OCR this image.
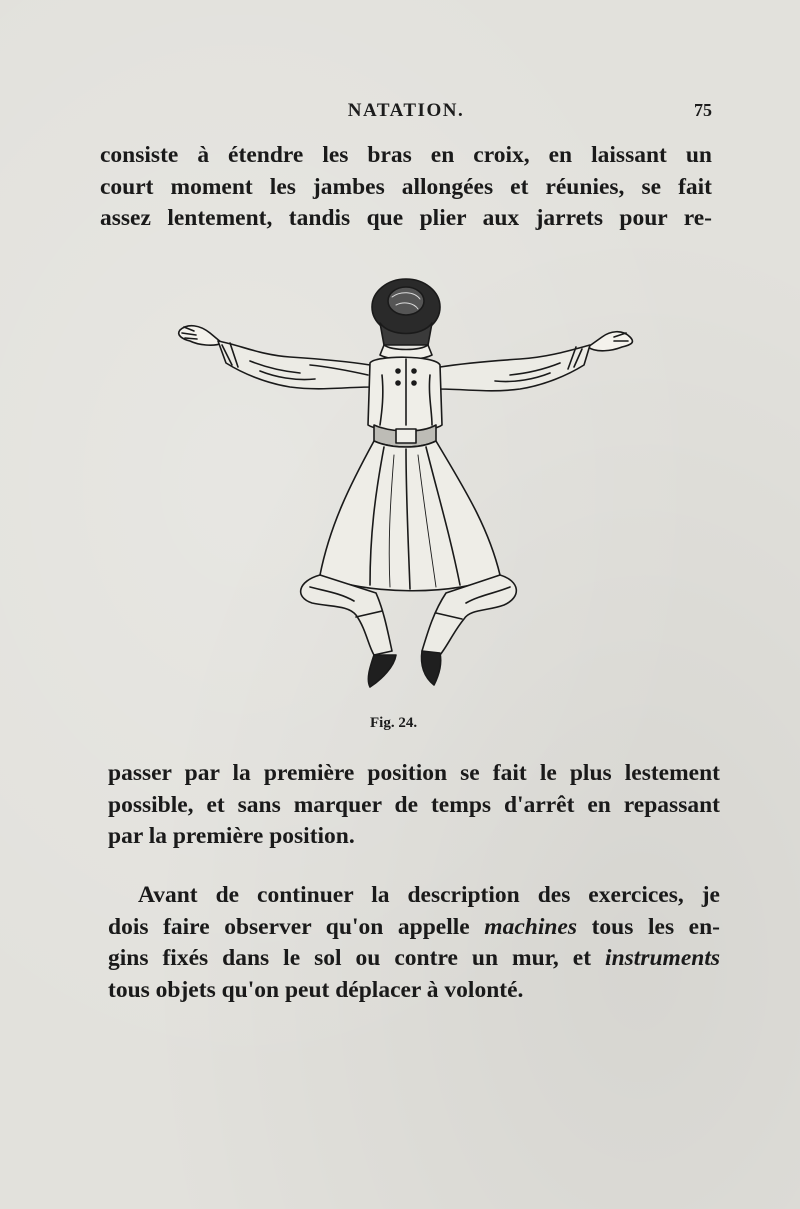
NATATION.	75
consiste à étendre les bras en croix, en laissant un
court moment les jambes allongées et réunies, se fait
assez lentement, tandis que plier aux jarrets pour re-
Fig. 24.
passer par la première position se fait le plus lestement
possible, et sans marquer de temps d'arrêt en repassant
par la première position.
Avant de continuer la description des exercices, je
dois faire observer qu'on appelle machines tous les en-
gins fixés dans le sol ou contre un mur, et instruments
tous objets qu'on peut déplacer à volonté.
